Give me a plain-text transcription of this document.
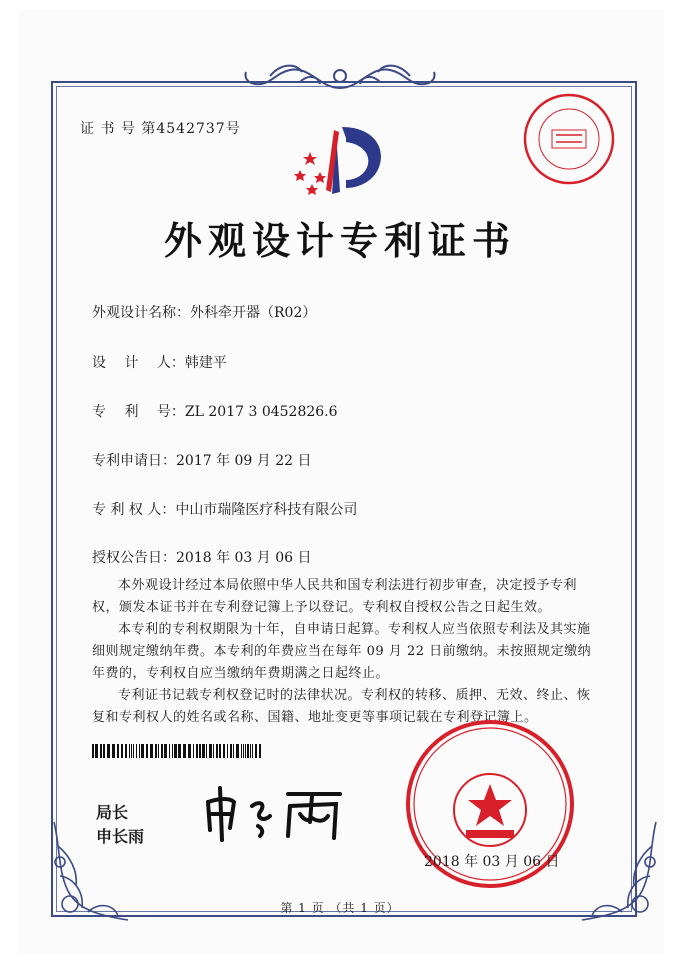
证 书 号 第4542737号
外观设计专利证书
外观设计名称：外科牵开器（R02）
设　 计　 人：韩建平
专　 利　 号：ZL 2017 3 0452826.6
专利申请日：2017 年 09 月 22 日
专 利 权 人：中山市瑞隆医疗科技有限公司
授权公告日：2018 年 03 月 06 日
本外观设计经过本局依照中华人民共和国专利法进行初步审查，决定授予专利权，颁发本证书并在专利登记簿上予以登记。专利权自授权公告之日起生效。
本专利的专利权期限为十年，自申请日起算。专利权人应当依照专利法及其实施细则规定缴纳年费。本专利的年费应当在每年 09 月 22 日前缴纳。未按照规定缴纳年费的，专利权自应当缴纳年费期满之日起终止。
专利证书记载专利权登记时的法律状况。专利权的转移、质押、无效、终止、恢复和专利权人的姓名或名称、国籍、地址变更等事项记载在专利登记簿上。
局长
申长雨
2018 年 03 月 06 日
第 1 页 （共 1 页）
